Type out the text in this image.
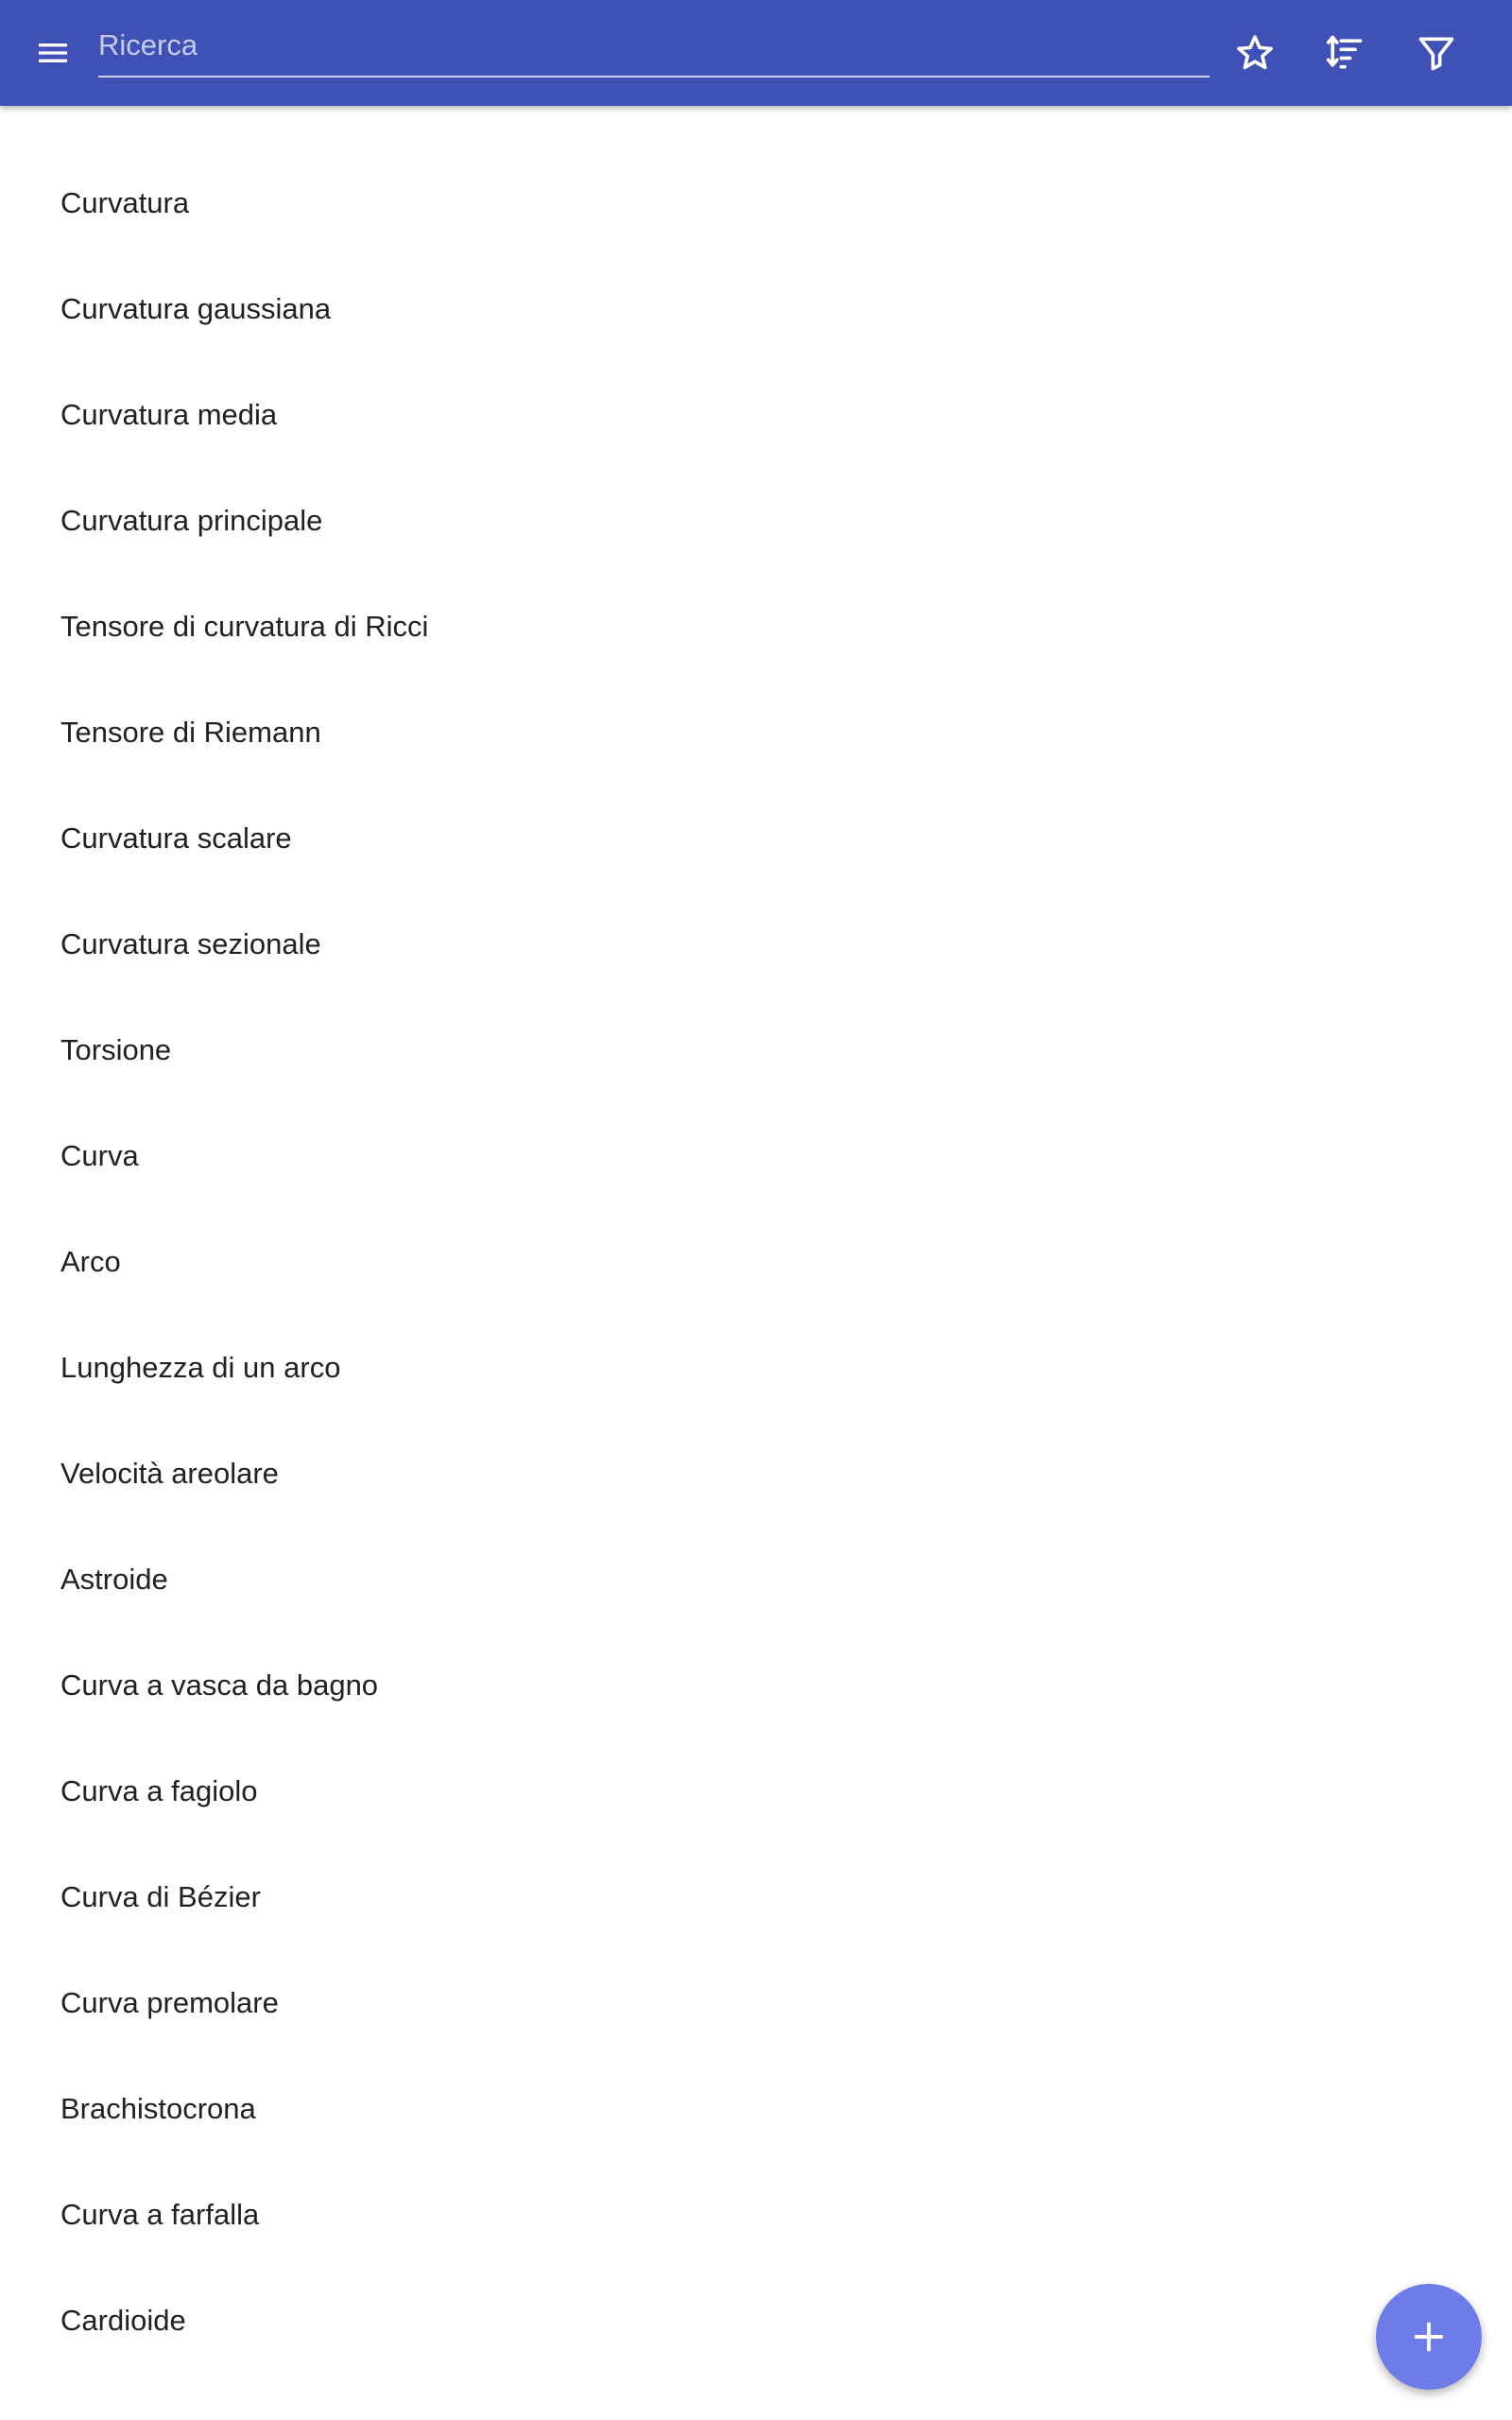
Ricerca
Curvatura
Curvatura gaussiana
Curvatura media
Curvatura principale
Tensore di curvatura di Ricci
Tensore di Riemann
Curvatura scalare
Curvatura sezionale
Torsione
Curva
Arco
Lunghezza di un arco
Velocità areolare
Astroide
Curva a vasca da bagno
Curva a fagiolo
Curva di Bézier
Curva premolare
Brachistocrona
Curva a farfalla
Cardioide
